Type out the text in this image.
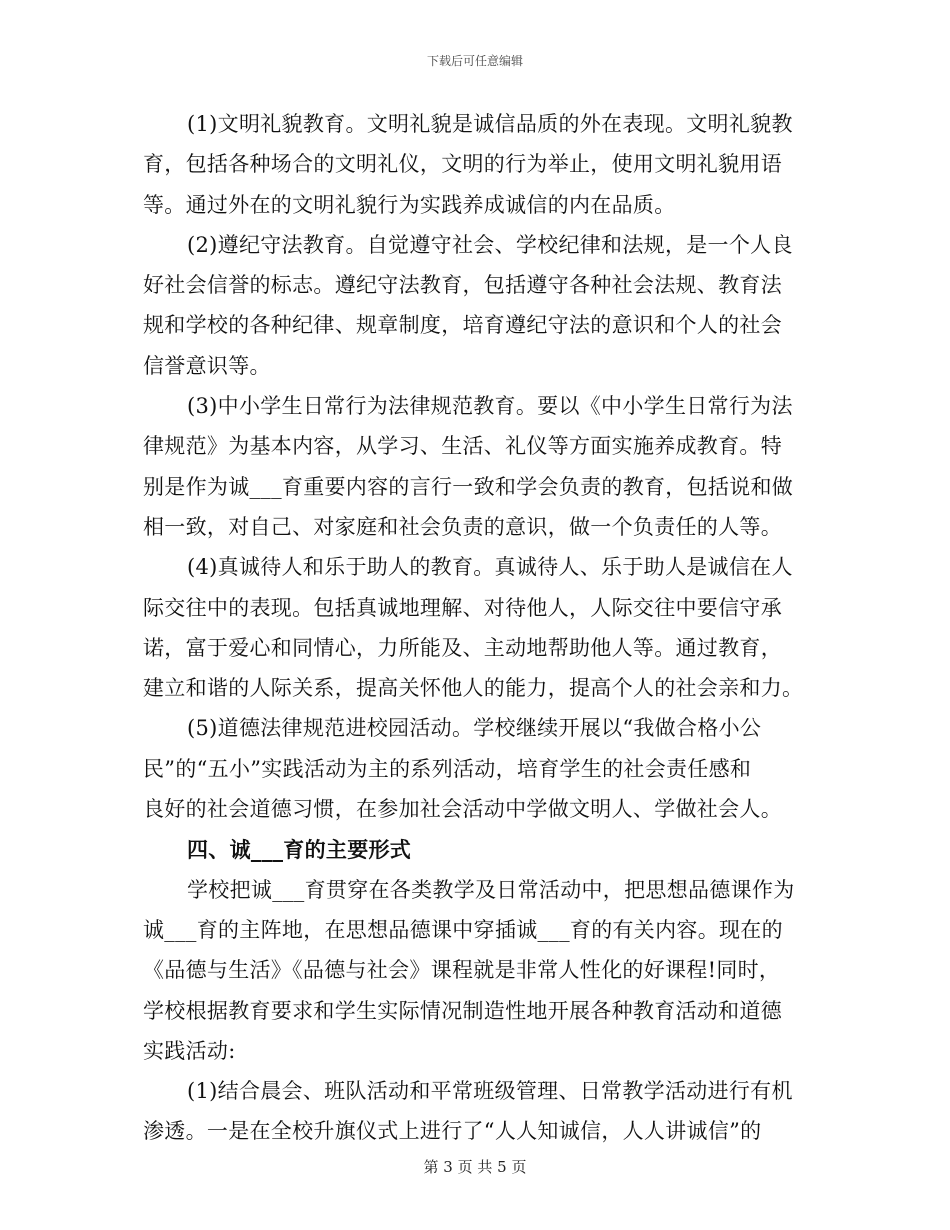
下载后可任意编辑
(1)文明礼貌教育。文明礼貌是诚信品质的外在表现。文明礼貌教
育，包括各种场合的文明礼仪，文明的行为举止，使用文明礼貌用语
等。通过外在的文明礼貌行为实践养成诚信的内在品质。
(2)遵纪守法教育。自觉遵守社会、学校纪律和法规，是一个人良
好社会信誉的标志。遵纪守法教育，包括遵守各种社会法规、教育法
规和学校的各种纪律、规章制度，培育遵纪守法的意识和个人的社会
信誉意识等。
(3)中小学生日常行为法律规范教育。要以《中小学生日常行为法
律规范》为基本内容，从学习、生活、礼仪等方面实施养成教育。特
别是作为诚___育重要内容的言行一致和学会负责的教育，包括说和做
相一致，对自己、对家庭和社会负责的意识，做一个负责任的人等。
(4)真诚待人和乐于助人的教育。真诚待人、乐于助人是诚信在人
际交往中的表现。包括真诚地理解、对待他人，人际交往中要信守承
诺，富于爱心和同情心，力所能及、主动地帮助他人等。通过教育，
建立和谐的人际关系，提高关怀他人的能力，提高个人的社会亲和力。
(5)道德法律规范进校园活动。学校继续开展以“我做合格小公
民”的“五小”实践活动为主的系列活动，培育学生的社会责任感和
良好的社会道德习惯，在参加社会活动中学做文明人、学做社会人。
四、诚___育的主要形式
学校把诚___育贯穿在各类教学及日常活动中，把思想品德课作为
诚___育的主阵地，在思想品德课中穿插诚___育的有关内容。现在的
《品德与生活》《品德与社会》课程就是非常人性化的好课程!同时，
学校根据教育要求和学生实际情况制造性地开展各种教育活动和道德
实践活动:
(1)结合晨会、班队活动和平常班级管理、日常教学活动进行有机
渗透。一是在全校升旗仪式上进行了“人人知诚信，人人讲诚信”的
第 3 页 共 5 页
